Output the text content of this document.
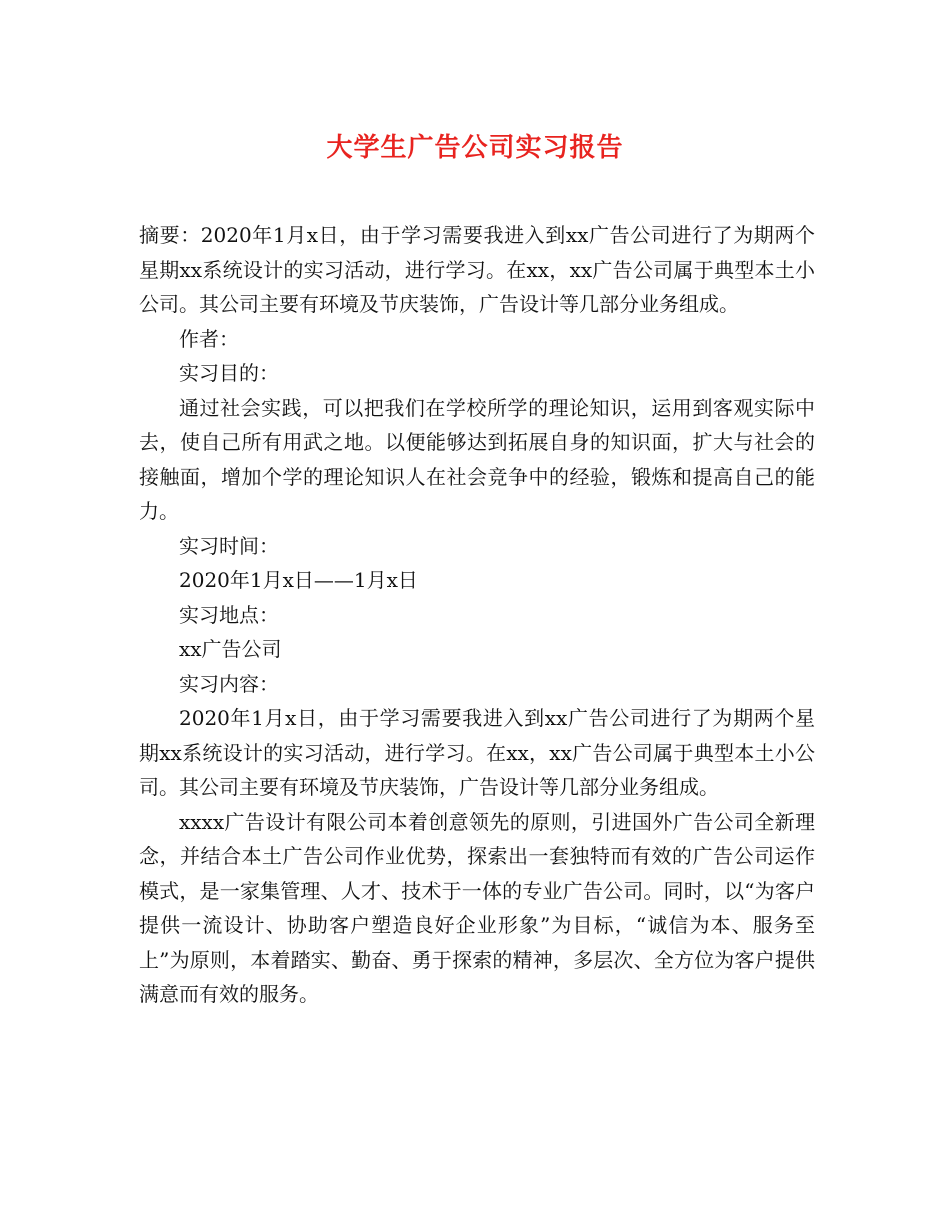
大学生广告公司实习报告

摘要：2020年1月x日，由于学习需要我进入到xx广告公司进行了为期两个星期xx系统设计的实习活动，进行学习。在xx，xx广告公司属于典型本土小公司。其公司主要有环境及节庆装饰，广告设计等几部分业务组成。

作者：

实习目的：

通过社会实践，可以把我们在学校所学的理论知识，运用到客观实际中去，使自己所有用武之地。以便能够达到拓展自身的知识面，扩大与社会的接触面，增加个学的理论知识人在社会竞争中的经验，锻炼和提高自己的能力。

实习时间：

2020年1月x日——1月x日

实习地点：

xx广告公司

实习内容：

2020年1月x日，由于学习需要我进入到xx广告公司进行了为期两个星期xx系统设计的实习活动，进行学习。在xx，xx广告公司属于典型本土小公司。其公司主要有环境及节庆装饰，广告设计等几部分业务组成。

xxxx广告设计有限公司本着创意领先的原则，引进国外广告公司全新理念，并结合本土广告公司作业优势，探索出一套独特而有效的广告公司运作模式，是一家集管理、人才、技术于一体的专业广告公司。同时，以“为客户提供一流设计、协助客户塑造良好企业形象”为目标，“诚信为本、服务至上”为原则，本着踏实、勤奋、勇于探索的精神，多层次、全方位为客户提供满意而有效的服务。
